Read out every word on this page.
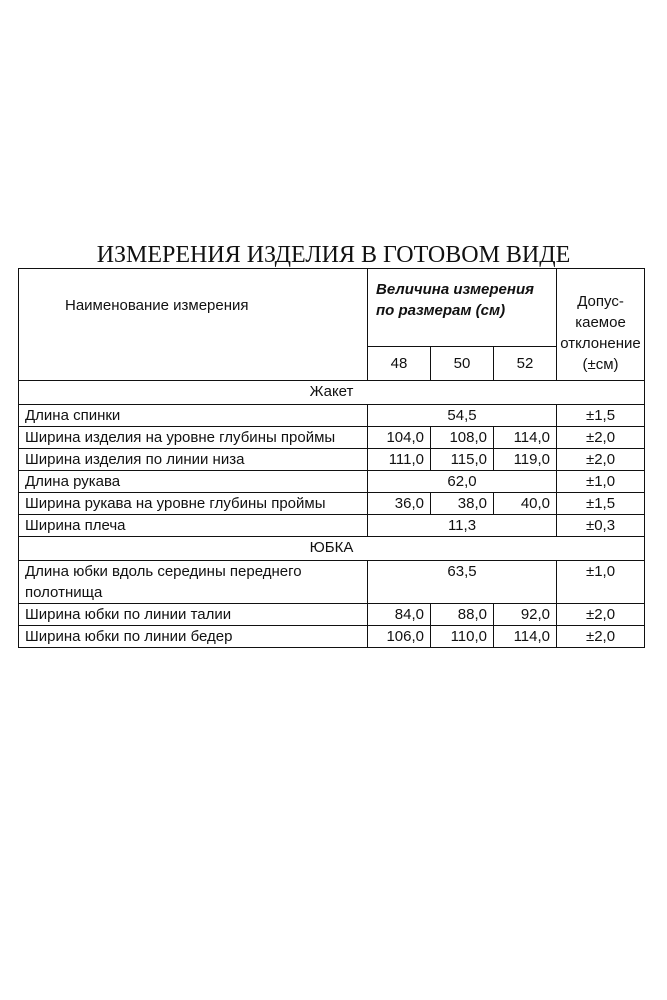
ИЗМЕРЕНИЯ ИЗДЕЛИЯ В ГОТОВОМ ВИДЕ
Наименование измерения	Величина измерения по размерам (см)			Допус-каемое отклонение (±см)
	48	50	52	
Жакет				
Длина спинки	54,5			±1,5
Ширина изделия на уровне глубины проймы	104,0	108,0	114,0	±2,0
Ширина изделия по линии низа	111,0	115,0	119,0	±2,0
Длина рукава	62,0			±1,0
Ширина рукава на уровне глубины проймы	36,0	38,0	40,0	±1,5
Ширина плеча	11,3			±0,3
ЮБКА				
Длина юбки вдоль середины переднего полотнища	63,5			±1,0
Ширина юбки по линии талии	84,0	88,0	92,0	±2,0
Ширина юбки по линии бедер	106,0	110,0	114,0	±2,0
